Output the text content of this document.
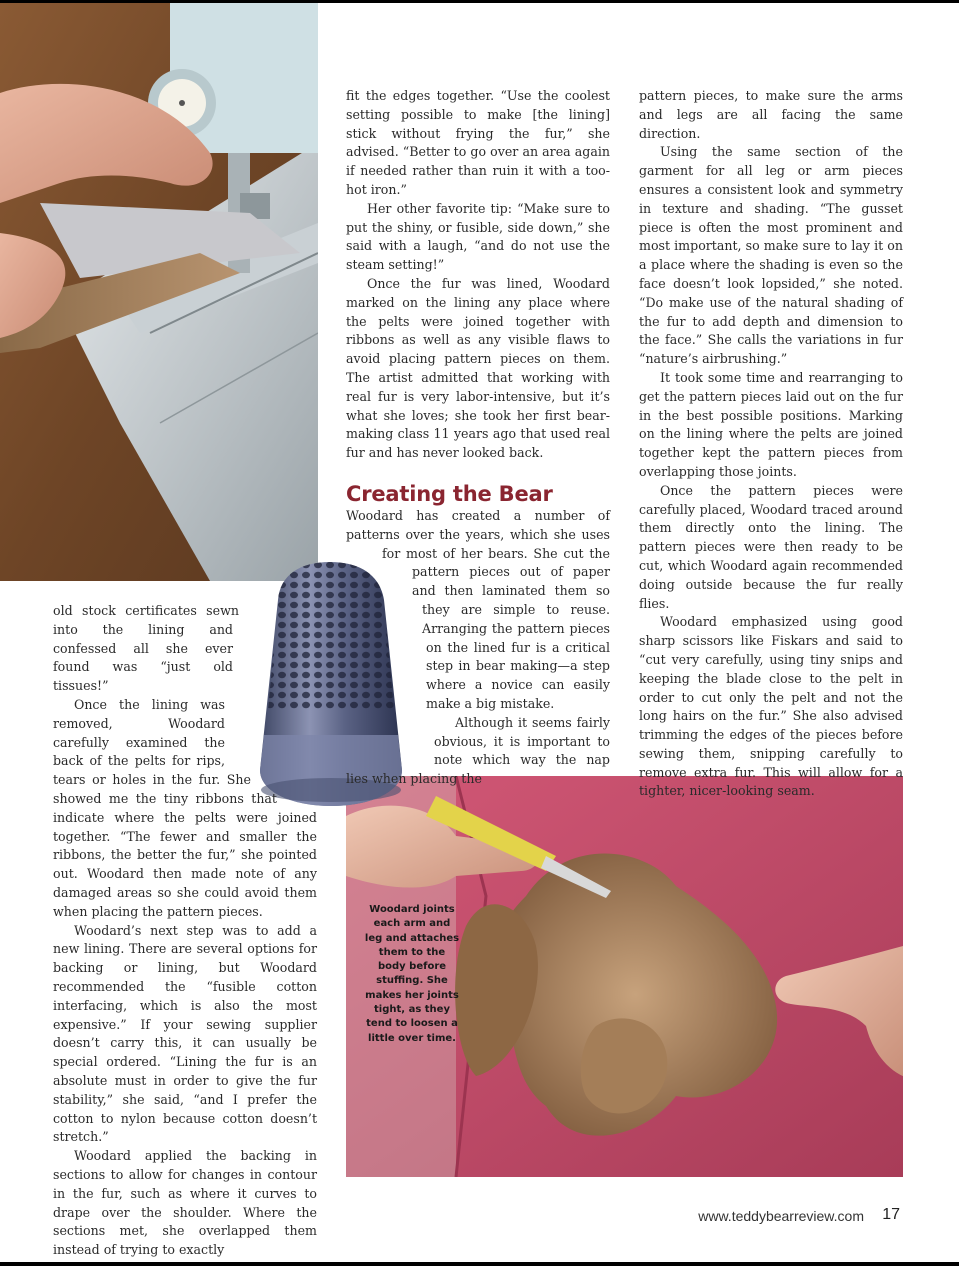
fit the edges together. “Use the coolest setting possible to make [the lining] stick without frying the fur,” she advised. “Better to go over an area again if needed rather than ruin it with a too-hot iron.”

Her other favorite tip: “Make sure to put the shiny, or fusible, side down,” she said with a laugh, “and do not use the steam setting!”

Once the fur was lined, Woodard marked on the lining any place where the pelts were joined together with ribbons as well as any visible flaws to avoid placing pattern pieces on them. The artist admitted that working with real fur is very labor-intensive, but it’s what she loves; she took her first bear-making class 11 years ago that used real fur and has never looked back.

Creating the Bear

Woodard has created a number of patterns over the years, which she uses for most of her bears. She cut the pattern pieces out of paper and then laminated them so they are simple to reuse. Arranging the pattern pieces on the lined fur is a critical step in bear making—a step where a novice can easily make a big mistake.

Although it seems fairly obvious, it is important to note which way the nap lies when placing the

pattern pieces, to make sure the arms and legs are all facing the same direction.

Using the same section of the garment for all leg or arm pieces ensures a consistent look and symmetry in texture and shading. “The gusset piece is often the most prominent and most important, so make sure to lay it on a place where the shading is even so the face doesn’t look lopsided,” she noted. “Do make use of the natural shading of the fur to add depth and dimension to the face.” She calls the variations in fur “nature’s airbrushing.”

It took some time and rearranging to get the pattern pieces laid out on the fur in the best possible positions. Marking on the lining where the pelts are joined together kept the pattern pieces from overlapping those joints.

Once the pattern pieces were carefully placed, Woodard traced around them directly onto the lining. The pattern pieces were then ready to be cut, which Woodard again recommended doing outside because the fur really flies.

Woodard emphasized using good sharp scissors like Fiskars and said to “cut very carefully, using tiny snips and keeping the blade close to the pelt in order to cut only the pelt and not the long hairs on the fur.” She also advised trimming the edges of the pieces before sewing them, snipping carefully to remove extra fur. This will allow for a tighter, nicer-looking seam.

old stock certificates sewn into the lining and confessed all she ever found was “just old tissues!”

Once the lining was removed, Woodard carefully examined the back of the pelts for rips, tears or holes in the fur. She showed me the tiny ribbons that indicate where the pelts were joined together. “The fewer and smaller the ribbons, the better the fur,” she pointed out. Woodard then made note of any damaged areas so she could avoid them when placing the pattern pieces.

Woodard’s next step was to add a new lining. There are several options for backing or lining, but Woodard recommended the “fusible cotton interfacing, which is also the most expensive.” If your sewing supplier doesn’t carry this, it can usually be special ordered. “Lining the fur is an absolute must in order to give the fur stability,” she said, “and I prefer the cotton to nylon because cotton doesn’t stretch.”

Woodard applied the backing in sections to allow for changes in contour in the fur, such as where it curves to drape over the shoulder. Where the sections met, she overlapped them instead of trying to exactly

Woodard joints each arm and leg and attaches them to the body before stuffing. She makes her joints tight, as they tend to loosen a little over time.
www.teddybearreview.com 17
